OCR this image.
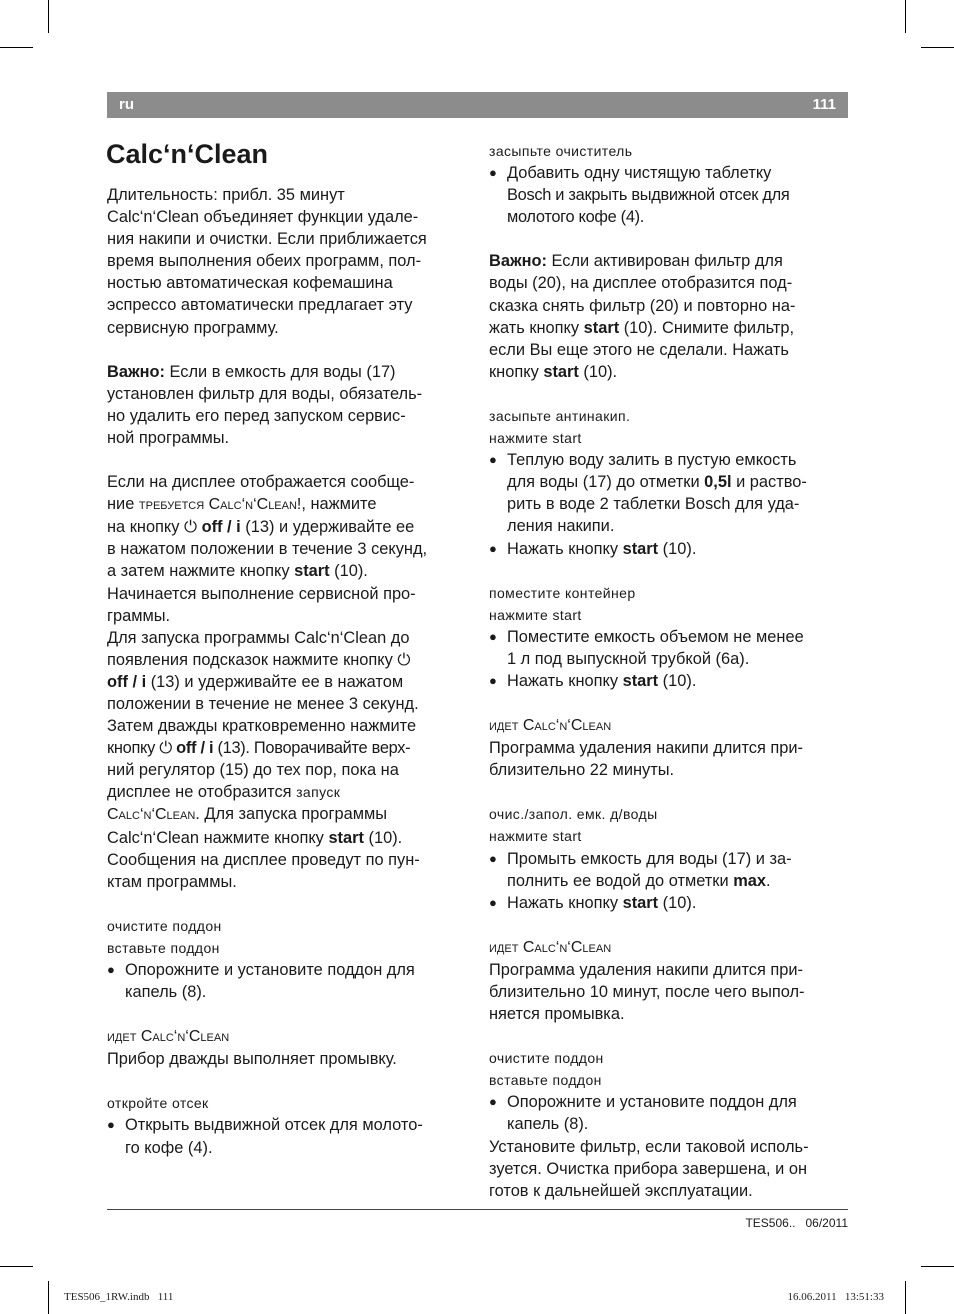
ru	111
Calc‘n‘Clean

Длительность: прибл. 35 минут
Calc‘n‘Clean объединяет функции удале-
ния накипи и очистки. Если приближается
время выполнения обеих программ, пол-
ностью автоматическая кофемашина
эспрессо автоматически предлагает эту
сервисную программу.

Важно: Если в емкость для воды (17)
установлен фильтр для воды, обязатель-
но удалить его перед запуском сервис-
ной программы.

Если на дисплее отображается сообще-
ние требуется Calc‘n‘Clean!, нажмите
на кнопку ⏻ off / i (13) и удерживайте ее
в нажатом положении в течение 3 секунд,
а затем нажмите кнопку start (10).
Начинается выполнение сервисной про-
граммы.
Для запуска программы Calc‘n‘Clean до
появления подсказок нажмите кнопку ⏻
off / i (13) и удерживайте ее в нажатом
положении в течение не менее 3 секунд.
Затем дважды кратковременно нажмите
кнопку ⏻ off / i (13). Поворачивайте верх-
ний регулятор (15) до тех пор, пока на
дисплее не отобразится запуск
Calc‘n‘Clean. Для запуска программы
Calc‘n‘Clean нажмите кнопку start (10).
Сообщения на дисплее проведут по пун-
ктам программы.

очистите поддон
вставьте поддон

● Опорожните и установите поддон для
капель (8).

идет Calc‘n‘Clean
Прибор дважды выполняет промывку.

откройте отсек

● Открыть выдвижной отсек для молото-
го кофе (4).

засыпьте очиститель

● Добавить одну чистящую таблетку
Bosch и закрыть выдвижной отсек для
молотого кофе (4).

Важно: Если активирован фильтр для
воды (20), на дисплее отобразится под-
сказка снять фильтр (20) и повторно на-
жать кнопку start (10). Снимите фильтр,
если Вы еще этого не сделали. Нажать
кнопку start (10).

засыпьте антинакип.
нажмите start

● Теплую воду залить в пустую емкость
для воды (17) до отметки 0,5l и раство-
рить в воде 2 таблетки Bosch для уда-
ления накипи.
● Нажать кнопку start (10).

поместите контейнер
нажмите start

● Поместите емкость объемом не менее
1 л под выпускной трубкой (6а).
● Нажать кнопку start (10).

идет Calc‘n‘Clean
Программа удаления накипи длится при-
близительно 22 минуты.

очис./запол. емк. д/воды
нажмите start

● Промыть емкость для воды (17) и за-
полнить ее водой до отметки max.
● Нажать кнопку start (10).

идет Calc‘n‘Clean
Программа удаления накипи длится при-
близительно 10 минут, после чего выпол-
няется промывка.

очистите поддон
вставьте поддон

● Опорожните и установите поддон для
капель (8).
Установите фильтр, если таковой исполь-
зуется. Очистка прибора завершена, и он
готов к дальнейшей эксплуатации.

TES506.. 06/2011
TES506_1RW.indb   111	16.06.2011   13:51:33
